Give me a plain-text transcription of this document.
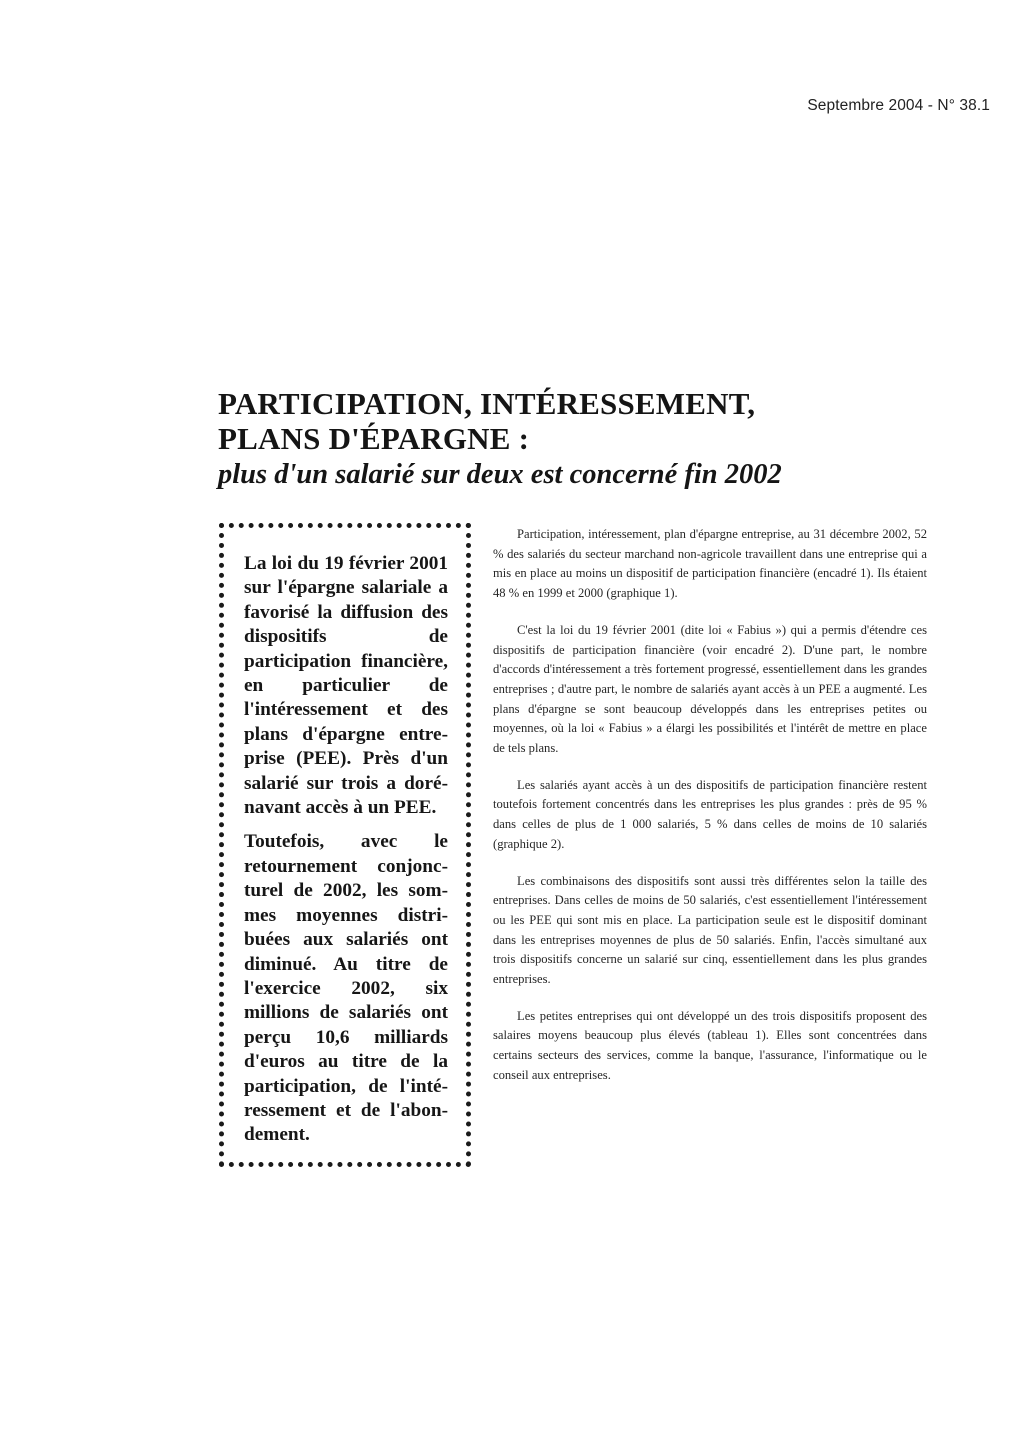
Septembre 2004 - N° 38.1
PARTICIPATION, INTÉRESSEMENT,
PLANS D'ÉPARGNE :
plus d'un salarié sur deux est concerné fin 2002

La loi du 19 février 2001 sur l'épargne salariale a favorisé la diffusion des dispositifs de participation financière, en particulier de l'intéressement et des plans d'épargne entreprise (PEE). Près d'un salarié sur trois a dorénavant accès à un PEE.

Toutefois, avec le retournement conjoncturel de 2002, les sommes moyennes distribuées aux salariés ont diminué. Au titre de l'exercice 2002, six millions de salariés ont perçu 10,6 milliards d'euros au titre de la participation, de l'intéressement et de l'abondement.

Participation, intéressement, plan d'épargne entreprise, au 31 décembre 2002, 52 % des salariés du secteur marchand non-agricole travaillent dans une entreprise qui a mis en place au moins un dispositif de participation financière (encadré 1). Ils étaient 48 % en 1999 et 2000 (graphique 1).

C'est la loi du 19 février 2001 (dite loi « Fabius ») qui a permis d'étendre ces dispositifs de participation financière (voir encadré 2). D'une part, le nombre d'accords d'intéressement a très fortement progressé, essentiellement dans les grandes entreprises ; d'autre part, le nombre de salariés ayant accès à un PEE a augmenté. Les plans d'épargne se sont beaucoup développés dans les entreprises petites ou moyennes, où la loi « Fabius » a élargi les possibilités et l'intérêt de mettre en place de tels plans.

Les salariés ayant accès à un des dispositifs de participation financière restent toutefois fortement concentrés dans les entreprises les plus grandes : près de 95 % dans celles de plus de 1 000 salariés, 5 % dans celles de moins de 10 salariés (graphique 2).

Les combinaisons des dispositifs sont aussi très différentes selon la taille des entreprises. Dans celles de moins de 50 salariés, c'est essentiellement l'intéressement ou les PEE qui sont mis en place. La participation seule est le dispositif dominant dans les entreprises moyennes de plus de 50 salariés. Enfin, l'accès simultané aux trois dispositifs concerne un salarié sur cinq, essentiellement dans les plus grandes entreprises.

Les petites entreprises qui ont développé un des trois dispositifs proposent des salaires moyens beaucoup plus élevés (tableau 1). Elles sont concentrées dans certains secteurs des services, comme la banque, l'assurance, l'informatique ou le conseil aux entreprises.
